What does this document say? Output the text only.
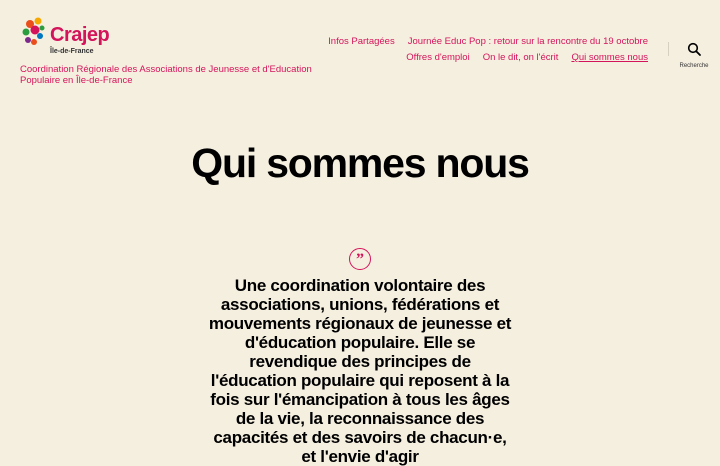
Crajep
Île-de-France
Coordination Régionale des Associations de Jeunesse et d'Education Populaire en Île-de-France
Infos Partagées Journée Educ Pop : retour sur la rencontre du 19 octobre
Offres d'emploi On le dit, on l'écrit Qui sommes nous
Recherche
Qui sommes nous
”
Une coordination volontaire des associations, unions, fédérations et mouvements régionaux de jeunesse et d'éducation populaire. Elle se revendique des principes de l'éducation populaire qui reposent à la fois sur l'émancipation à tous les âges de la vie, la reconnaissance des capacités et des savoirs de chacun·e, et l'envie d'agir
